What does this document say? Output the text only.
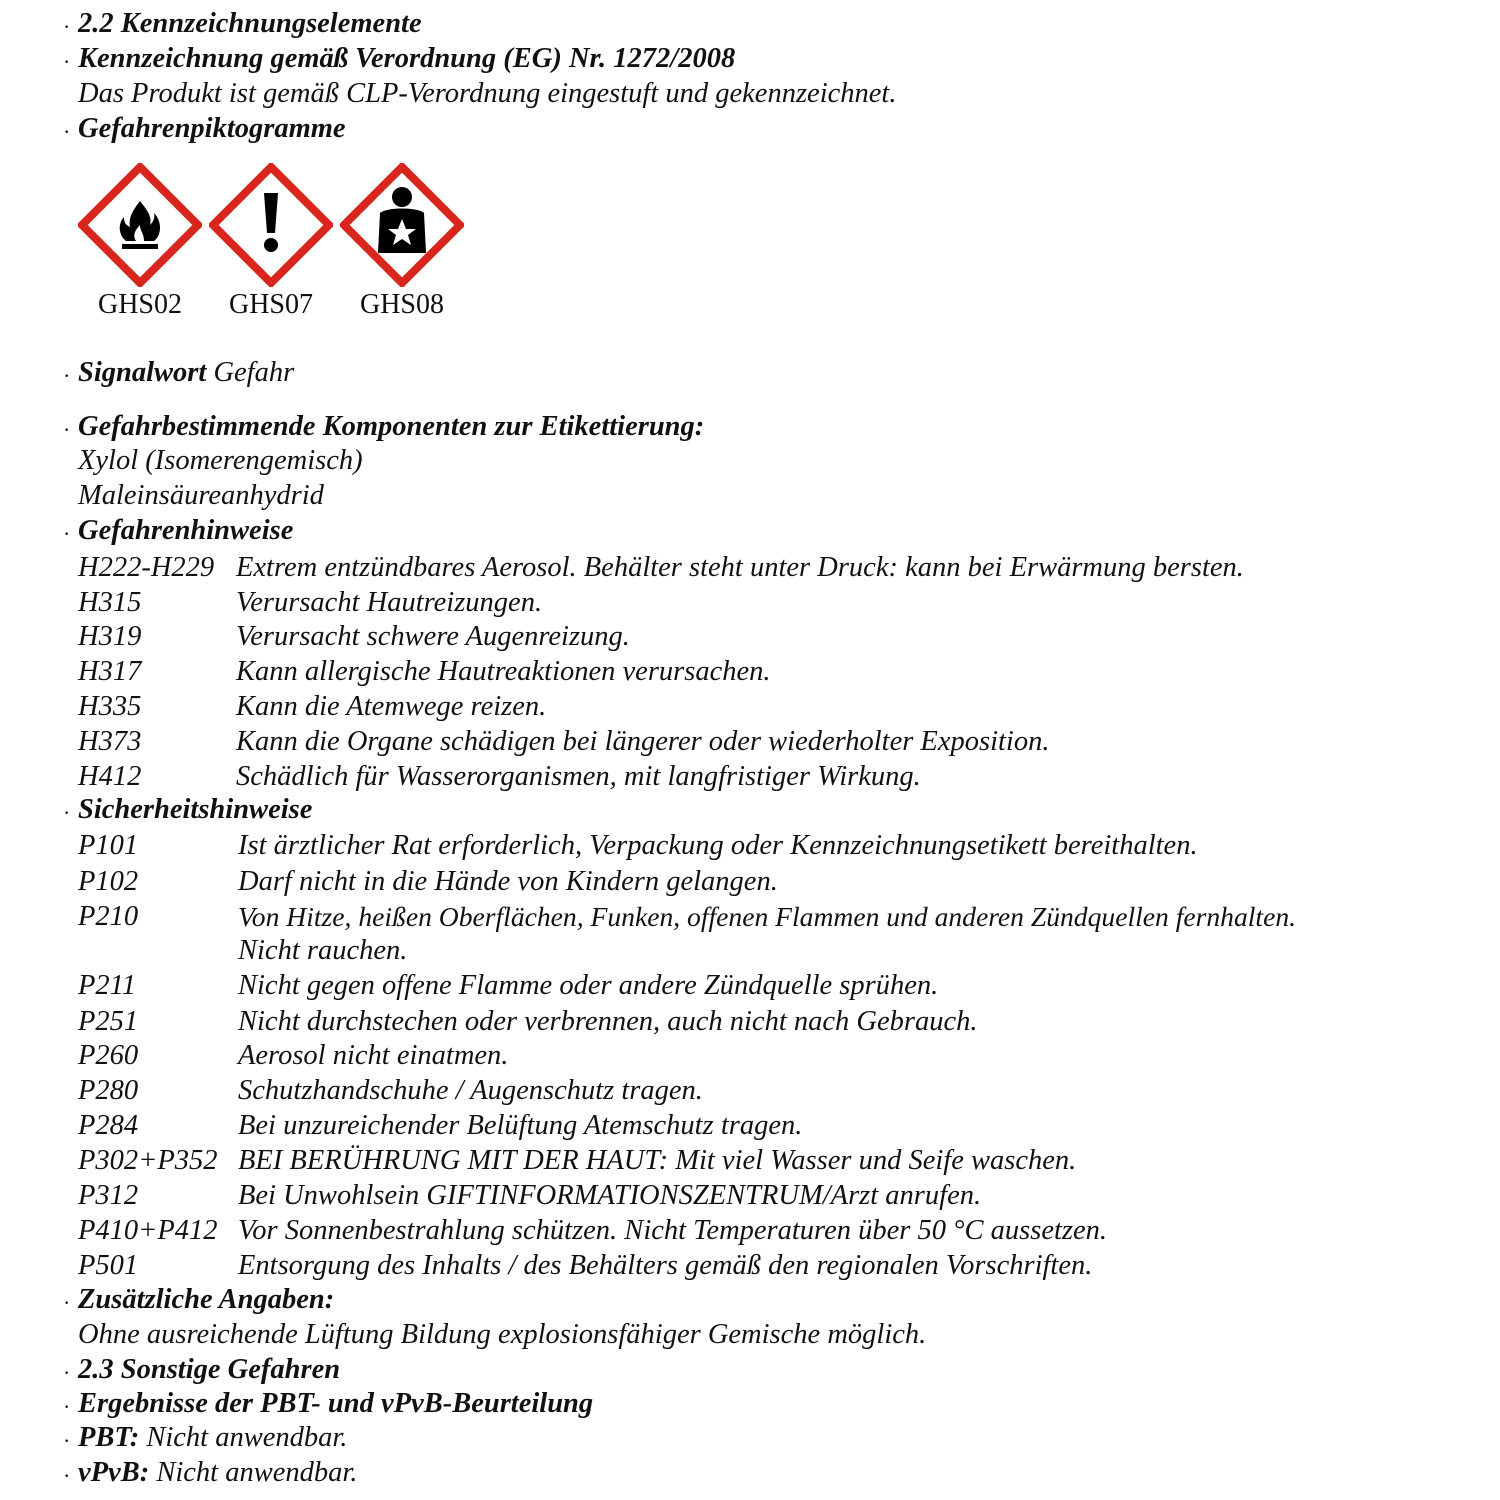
· 2.2 Kennzeichnungselemente
· Kennzeichnung gemäß Verordnung (EG) Nr. 1272/2008
Das Produkt ist gemäß CLP-Verordnung eingestuft und gekennzeichnet.
· Gefahrenpiktogramme
GHS02	GHS07	GHS08
· Signalwort Gefahr
· Gefahrbestimmende Komponenten zur Etikettierung:
Xylol (Isomerengemisch)
Maleinsäureanhydrid
· Gefahrenhinweise
H222-H229 Extrem entzündbares Aerosol. Behälter steht unter Druck: kann bei Erwärmung bersten.
H315	Verursacht Hautreizungen.
H319	Verursacht schwere Augenreizung.
H317	Kann allergische Hautreaktionen verursachen.
H335	Kann die Atemwege reizen.
H373	Kann die Organe schädigen bei längerer oder wiederholter Exposition.
H412	Schädlich für Wasserorganismen, mit langfristiger Wirkung.
· Sicherheitshinweise
P101	Ist ärztlicher Rat erforderlich, Verpackung oder Kennzeichnungsetikett bereithalten.
P102	Darf nicht in die Hände von Kindern gelangen.
P210	Von Hitze, heißen Oberflächen, Funken, offenen Flammen und anderen Zündquellen fernhalten.
Nicht rauchen.
P211	Nicht gegen offene Flamme oder andere Zündquelle sprühen.
P251	Nicht durchstechen oder verbrennen, auch nicht nach Gebrauch.
P260	Aerosol nicht einatmen.
P280	Schutzhandschuhe / Augenschutz tragen.
P284	Bei unzureichender Belüftung Atemschutz tragen.
P302+P352 BEI BERÜHRUNG MIT DER HAUT: Mit viel Wasser und Seife waschen.
P312	Bei Unwohlsein GIFTINFORMATIONSZENTRUM/Arzt anrufen.
P410+P412 Vor Sonnenbestrahlung schützen. Nicht Temperaturen über 50 °C aussetzen.
P501	Entsorgung des Inhalts / des Behälters gemäß den regionalen Vorschriften.
· Zusätzliche Angaben:
Ohne ausreichende Lüftung Bildung explosionsfähiger Gemische möglich.
· 2.3 Sonstige Gefahren
· Ergebnisse der PBT- und vPvB-Beurteilung
· PBT: Nicht anwendbar.
· vPvB: Nicht anwendbar.
